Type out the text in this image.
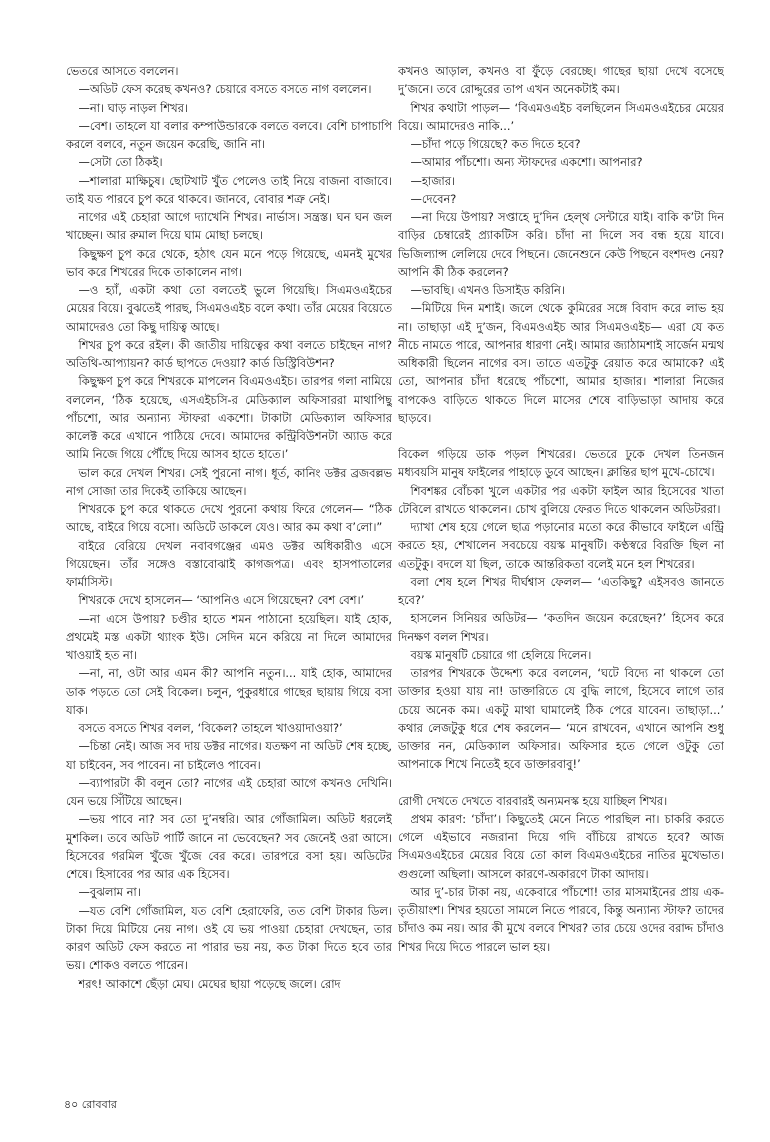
ভেতরে আসতে বললেন।

—অডিট ফেস করেছ কখনও? চেয়ারে বসতে বসতে নাগ বললেন।

—না। ঘাড় নাড়ল শিখর।

—বেশ। তাহলে যা বলার কম্পাউন্ডারকে বলতে বলবে। বেশি চাপাচাপি করলে বলবে, নতুন জয়েন করেছি, জানি না।

—সেটা তো ঠিকই।

—শালারা মাক্ষিচুষ। ছোটখাট খুঁত পেলেও তাই নিয়ে বাজনা বাজাবে। তাই যত পারবে চুপ করে থাকবে। জানবে, বোবার শত্রু নেই।

নাগের এই চেহারা আগে দ্যাখেনি শিখর। নার্ভাস। সন্ত্রস্ত। ঘন ঘন জল খাচ্ছেন। আর রুমাল দিয়ে ঘাম মোছা চলছে।

কিছুক্ষণ চুপ করে থেকে, হঠাৎ যেন মনে পড়ে গিয়েছে, এমনই মুখের ভাব করে শিখরের দিকে তাকালেন নাগ।

—ও হ্যাঁ, একটা কথা তো বলতেই ভুলে গিয়েছি। সিএমওএইচের মেয়ের বিয়ে। বুঝতেই পারছ, সিএমওএইচ বলে কথা। তাঁর মেয়ের বিয়েতে আমাদেরও তো কিছু দায়িত্ব আছে।

শিখর চুপ করে রইল। কী জাতীয় দায়িত্বের কথা বলতে চাইছেন নাগ? অতিথি-আপ্যায়ন? কার্ড ছাপতে দেওয়া? কার্ড ডিস্ট্রিবিউশন?

কিছুক্ষণ চুপ করে শিখরকে মাপলেন বিএমওএইচ। তারপর গলা নামিয়ে বললেন, ‘ঠিক হয়েছে, এসএইচসি-র মেডিক্যাল অফিসাররা মাথাপিছু পাঁচশো, আর অন্যান্য স্টাফরা একশো। টাকাটা মেডিক্যাল অফিসার কালেক্ট করে এখানে পাঠিয়ে দেবে। আমাদের কন্ট্রিবিউশনটা অ্যাড করে আমি নিজে গিয়ে পৌঁছে দিয়ে আসব হাতে হাতে।’

ভাল করে দেখল শিখর। সেই পুরনো নাগ। ধূর্ত, কানিং ডক্টর ব্রজবল্লভ নাগ সোজা তার দিকেই তাকিয়ে আছেন।

শিখরকে চুপ করে থাকতে দেখে পুরনো কথায় ফিরে গেলেন— “ঠিক আছে, বাইরে গিয়ে বসো। অডিটে ডাকলে যেও। আর কম কথা ব’লো।”

বাইরে বেরিয়ে দেখল নবাবগঞ্জের এমও ডক্টর অধিকারীও এসে গিয়েছেন। তাঁর সঙ্গেও বস্তাবোঝাই কাগজপত্র। এবং হাসপাতালের ফার্মাসিস্ট।

শিখরকে দেখে হাসলেন— ‘আপনিও এসে গিয়েছেন? বেশ বেশ।’

—না এসে উপায়? চণ্ডীর হাতে শমন পাঠানো হয়েছিল। যাই হোক, প্রথমেই মস্ত একটা থ্যাংক ইউ। সেদিন মনে করিয়ে না দিলে আমাদের খাওয়াই হত না।

—না, না, ওটা আর এমন কী? আপনি নতুন।... যাই হোক, আমাদের ডাক পড়তে তো সেই বিকেল। চলুন, পুকুরধারে গাছের ছায়ায় গিয়ে বসা যাক।

বসতে বসতে শিখর বলল, ‘বিকেল? তাহলে খাওয়াদাওয়া?’

—চিন্তা নেই। আজ সব দায় ডক্টর নাগের। যতক্ষণ না অডিট শেষ হচ্ছে, যা চাইবেন, সব পাবেন। না চাইলেও পাবেন।

—ব্যাপারটা কী বলুন তো? নাগের এই চেহারা আগে কখনও দেখিনি। যেন ভয়ে সিঁটিয়ে আছেন।

—ভয় পাবে না? সব তো দু’নম্বরি। আর গোঁজামিল। অডিট ধরলেই মুশকিল। তবে অডিট পার্টি জানে না ভেবেছেন? সব জেনেই ওরা আসে। হিসেবের গরমিল খুঁজে খুঁজে বের করে। তারপরে বসা হয়। অডিটের শেষে। হিসাবের পর আর এক হিসেব।

—বুঝলাম না।

—যত বেশি গোঁজামিল, যত বেশি হেরাফেরি, তত বেশি টাকার ডিল। টাকা দিয়ে মিটিয়ে নেয় নাগ। ওই যে ভয় পাওয়া চেহারা দেখছেন, তার কারণ অডিট ফেস করতে না পারার ভয় নয়, কত টাকা দিতে হবে তার ভয়। শোকও বলতে পারেন।

শরৎ! আকাশে ছেঁড়া মেঘ। মেঘের ছায়া পড়েছে জলে। রোদ

কখনও আড়াল, কখনও বা ফুঁড়ে বেরচ্ছে। গাছের ছায়া দেখে বসেছে দু’জনে। তবে রোদ্দুরের তাপ এখন অনেকটাই কম।

শিখর কথাটা পাড়ল— ‘বিএমওএইচ বলছিলেন সিএমওএইচের মেয়ের বিয়ে। আমাদেরও নাকি...’

—চাঁদা পড়ে গিয়েছে? কত দিতে হবে?

—আমার পাঁচশো। অন্য স্টাফদের একশো। আপনার?

—হাজার।

—দেবেন?

—না দিয়ে উপায়? সপ্তাহে দু’দিন হেল্থ সেন্টারে যাই। বাকি ক’টা দিন বাড়ির চেম্বারেই প্র্যাকটিস করি। চাঁদা না দিলে সব বন্ধ হয়ে যাবে। ভিজিল্যান্স লেলিয়ে দেবে পিছনে। জেনেশুনে কেউ পিছনে বংশদণ্ড নেয়? আপনি কী ঠিক করলেন?

—ভাবছি। এখনও ডিসাইড করিনি।

—মিটিয়ে দিন মশাই। জলে থেকে কুমিরের সঙ্গে বিবাদ করে লাভ হয় না। তাছাড়া এই দু’জন, বিএমওএইচ আর সিএমওএইচ— এরা যে কত নীচে নামতে পারে, আপনার ধারণা নেই। আমার জ্যাঠামশাই সার্জেন মন্মথ অধিকারী ছিলেন নাগের বস। তাতে এতটুকু রেয়াত করে আমাকে? এই তো, আপনার চাঁদা ধরেছে পাঁচশো, আমার হাজার। শালারা নিজের বাপকেও বাড়িতে থাকতে দিলে মাসের শেষে বাড়িভাড়া আদায় করে ছাড়বে।

বিকেল গড়িয়ে ডাক পড়ল শিখরের। ভেতরে ঢুকে দেখল তিনজন মধ্যবয়সি মানুষ ফাইলের পাহাড়ে ডুবে আছেন। ক্লান্তির ছাপ মুখে-চোখে।

শিবশঙ্কর বোঁচকা খুলে একটার পর একটা ফাইল আর হিসেবের খাতা টেবিলে রাখতে থাকলেন। চোখ বুলিয়ে ফেরত দিতে থাকলেন অডিটররা।

দ্যাখা শেষ হয়ে গেলে ছাত্র পড়ানোর মতো করে কীভাবে ফাইলে এন্ট্রি করতে হয়, শেখালেন সবচেয়ে বয়স্ক মানুষটি। কণ্ঠস্বরে বিরক্তি ছিল না এতটুকু। বদলে যা ছিল, তাকে আন্তরিকতা বলেই মনে হল শিখরের।

বলা শেষ হলে শিখর দীর্ঘশ্বাস ফেলল— ‘এতকিছু? এইসবও জানতে হবে?’

হাসলেন সিনিয়র অডিটর— ‘কতদিন জয়েন করেছেন?’ হিসেব করে দিনক্ষণ বলল শিখর।

বয়স্ক মানুষটি চেয়ারে গা হেলিয়ে দিলেন।

তারপর শিখরকে উদ্দেশ্য করে বললেন, ‘ঘটে বিদ্যে না থাকলে তো ডাক্তার হওয়া যায় না! ডাক্তারিতে যে বুদ্ধি লাগে, হিসেবে লাগে তার চেয়ে অনেক কম। একটু মাথা ঘামালেই ঠিক পেরে যাবেন। তাছাড়া...’ কথার লেজটুকু ধরে শেষ করলেন— ‘মনে রাখবেন, এখানে আপনি শুধু ডাক্তার নন, মেডিক্যাল অফিসার। অফিসার হতে গেলে ওটুকু তো আপনাকে শিখে নিতেই হবে ডাক্তারবাবু!’

রোগী দেখতে দেখতে বারবারই অন্যমনস্ক হয়ে যাচ্ছিল শিখর।

প্রথম কারণ: ‘চাঁদা’। কিছুতেই মেনে নিতে পারছিল না। চাকরি করতে গেলে এইভাবে নজরানা দিয়ে গদি বাঁচিয়ে রাখতে হবে? আজ সিএমওএইচের মেয়ের বিয়ে তো কাল বিএমওএইচের নাতির মুখেভাত। গুগুলো অছিলা। আসলে কারণে-অকারণে টাকা আদায়।

আর দু’-চার টাকা নয়, একেবারে পাঁচশো! তার মাসমাইনের প্রায় এক-তৃতীয়াংশ। শিখর হয়তো সামলে নিতে পারবে, কিন্তু অন্যান্য স্টাফ? তাদের চাঁদাও কম নয়। আর কী মুখে বলবে শিখর? তার চেয়ে ওদের বরাদ্দ চাঁদাও শিখর দিয়ে দিতে পারলে ভাল হয়।

৪০ রোববার
